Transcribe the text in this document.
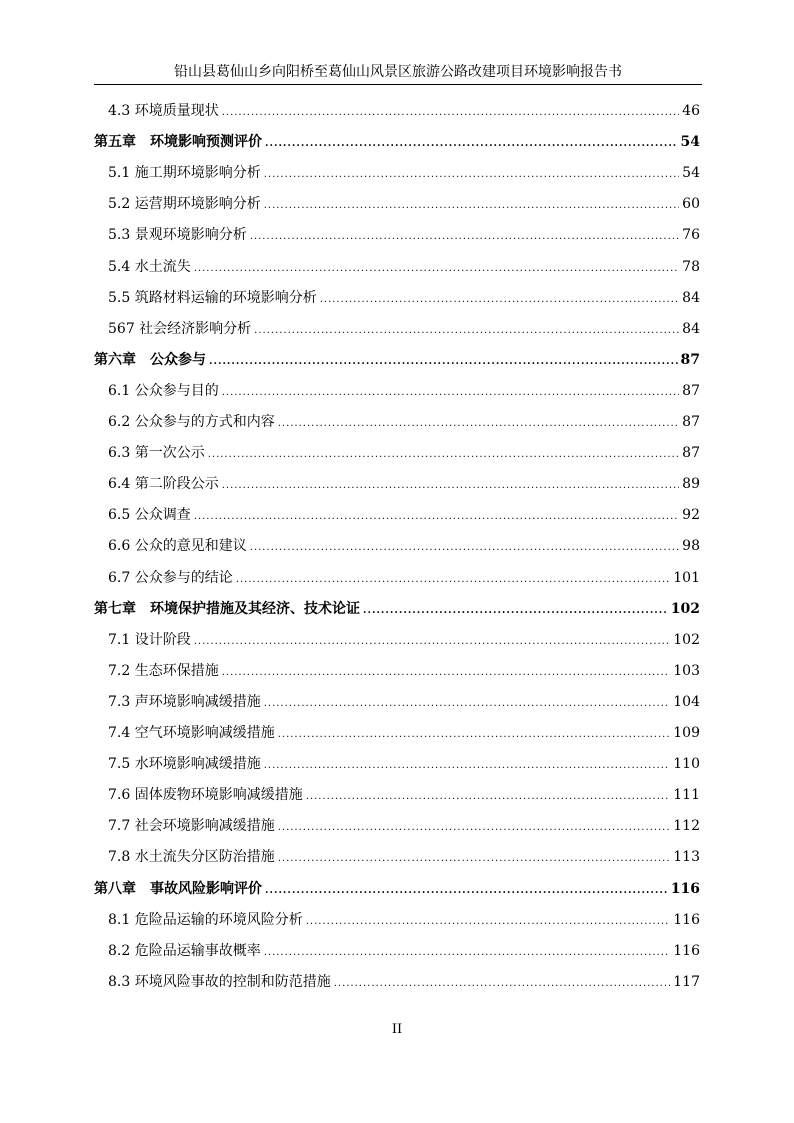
铅山县葛仙山乡向阳桥至葛仙山风景区旅游公路改建项目环境影响报告书
4.3 环境质量现状 .....	46
第五章　环境影响预测评价 .....	54
5.1 施工期环境影响分析 .....	54
5.2 运营期环境影响分析 .....	60
5.3 景观环境影响分析 .....	76
5.4 水土流失 .....	78
5.5 筑路材料运输的环境影响分析 .....	84
567 社会经济影响分析 .....	84
第六章　公众参与 .....	87
6.1 公众参与目的 .....	87
6.2 公众参与的方式和内容 .....	87
6.3 第一次公示 .....	87
6.4 第二阶段公示 .....	89
6.5 公众调查 .....	92
6.6 公众的意见和建议 .....	98
6.7 公众参与的结论 .....	101
第七章　环境保护措施及其经济、技术论证 .....	102
7.1 设计阶段 .....	102
7.2 生态环保措施 .....	103
7.3 声环境影响减缓措施 .....	104
7.4 空气环境影响减缓措施 .....	109
7.5 水环境影响减缓措施 .....	110
7.6 固体废物环境影响减缓措施 .....	111
7.7 社会环境影响减缓措施 .....	112
7.8 水土流失分区防治措施 .....	113
第八章　事故风险影响评价 .....	116
8.1 危险品运输的环境风险分析 .....	116
8.2 危险品运输事故概率 .....	116
8.3 环境风险事故的控制和防范措施 .....	117
II
